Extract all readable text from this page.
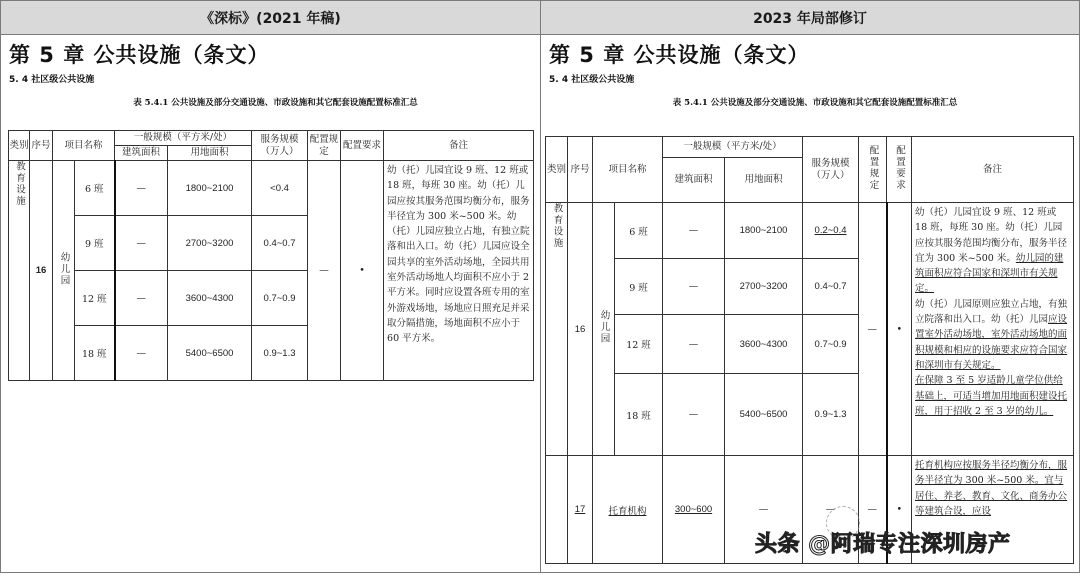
《深标》(2021 年稿)
第 5 章 公共设施（条文）
5. 4 社区级公共设施
表 5.4.1 公共设施及部分交通设施、市政设施和其它配套设施配置标准汇总
类别	序号	项目名称		一般规模（平方米/处）		服务规模（万人）	配置规定	配置要求	备注
				建筑面积	用地面积				
教育设施	16	幼儿园	6 班	—	1800~2100	<0.4	—	•	幼（托）儿园宜设 9 班、12 班或 18 班，每班 30 座。幼（托）儿园应按其服务范围均衡分布，服务半径宜为 300 米~500 米。幼（托）儿园应独立占地，有独立院落和出入口。幼（托）儿园应设全园共享的室外活动场地，全园共用室外活动场地人均面积不应小于 2 平方米。同时应设置各班专用的室外游戏场地，场地应日照充足并采取分隔措施，场地面积不应小于 60 平方米。
			9 班	—	2700~3200	0.4~0.7			
			12 班	—	3600~4300	0.7~0.9			
			18 班	—	5400~6500	0.9~1.3			
2023 年局部修订
第 5 章 公共设施（条文）
5. 4 社区级公共设施
表 5.4.1 公共设施及部分交通设施、市政设施和其它配套设施配置标准汇总
类别	序号	项目名称		一般规模（平方米/处）		服务规模（万人）	配置规定	配置要求	备注
				建筑面积	用地面积				
教育设施	16	幼儿园	6 班	—	1800~2100	0.2~0.4	—	•	幼（托）儿园宜设 9 班、12 班或 18 班，每班 30 座。幼（托）儿园应按其服务范围均衡分布，服务半径宜为 300 米~500 米。幼儿园的建筑面积应符合国家和深圳市有关规定。
幼（托）儿园原则应独立占地，有独立院落和出入口。幼（托）儿园应设置室外活动场地，室外活动场地的面积规模和相应的设施要求应符合国家和深圳市有关规定。
在保障 3 至 5 岁适龄儿童学位供给基础上，可适当增加用地面积建设托班，用于招收 2 至 3 岁的幼儿。
			9 班	—	2700~3200	0.4~0.7			
			12 班	—	3600~4300	0.7~0.9			
			18 班	—	5400~6500	0.9~1.3			
	17	托育机构		300~600	—	—	—	•	托育机构应按服务半径均衡分布，服务半径宜为 300 米~500 米。宜与居住、养老、教育、文化、商务办公等建筑合设，应设
头条 @阿瑞专注深圳房产
